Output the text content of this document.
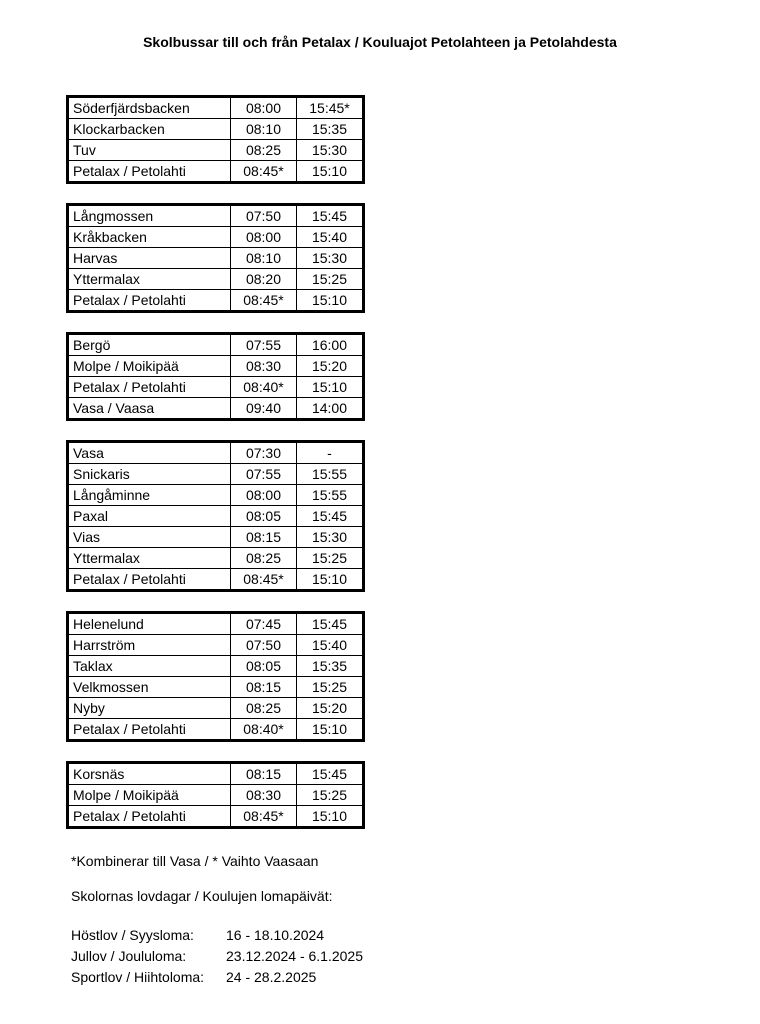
Skolbussar till och från Petalax / Kouluajot Petolahteen ja Petolahdesta
Söderfjärdsbacken	08:00	15:45*
Klockarbacken	08:10	15:35
Tuv	08:25	15:30
Petalax / Petolahti	08:45*	15:10
Långmossen	07:50	15:45
Kråkbacken	08:00	15:40
Harvas	08:10	15:30
Yttermalax	08:20	15:25
Petalax / Petolahti	08:45*	15:10
Bergö	07:55	16:00
Molpe / Moikipää	08:30	15:20
Petalax / Petolahti	08:40*	15:10
Vasa / Vaasa	09:40	14:00
Vasa	07:30	-
Snickaris	07:55	15:55
Långåminne	08:00	15:55
Paxal	08:05	15:45
Vias	08:15	15:30
Yttermalax	08:25	15:25
Petalax / Petolahti	08:45*	15:10
Helenelund	07:45	15:45
Harrström	07:50	15:40
Taklax	08:05	15:35
Velkmossen	08:15	15:25
Nyby	08:25	15:20
Petalax / Petolahti	08:40*	15:10
Korsnäs	08:15	15:45
Molpe / Moikipää	08:30	15:25
Petalax / Petolahti	08:45*	15:10

*Kombinerar till Vasa / * Vaihto Vaasaan

Skolornas lovdagar / Koulujen lomapäivät:

Höstlov / Syysloma:	16 - 18.10.2024
Jullov / Joululoma:	23.12.2024 - 6.1.2025
Sportlov / Hiihtoloma:	24 - 28.2.2025
